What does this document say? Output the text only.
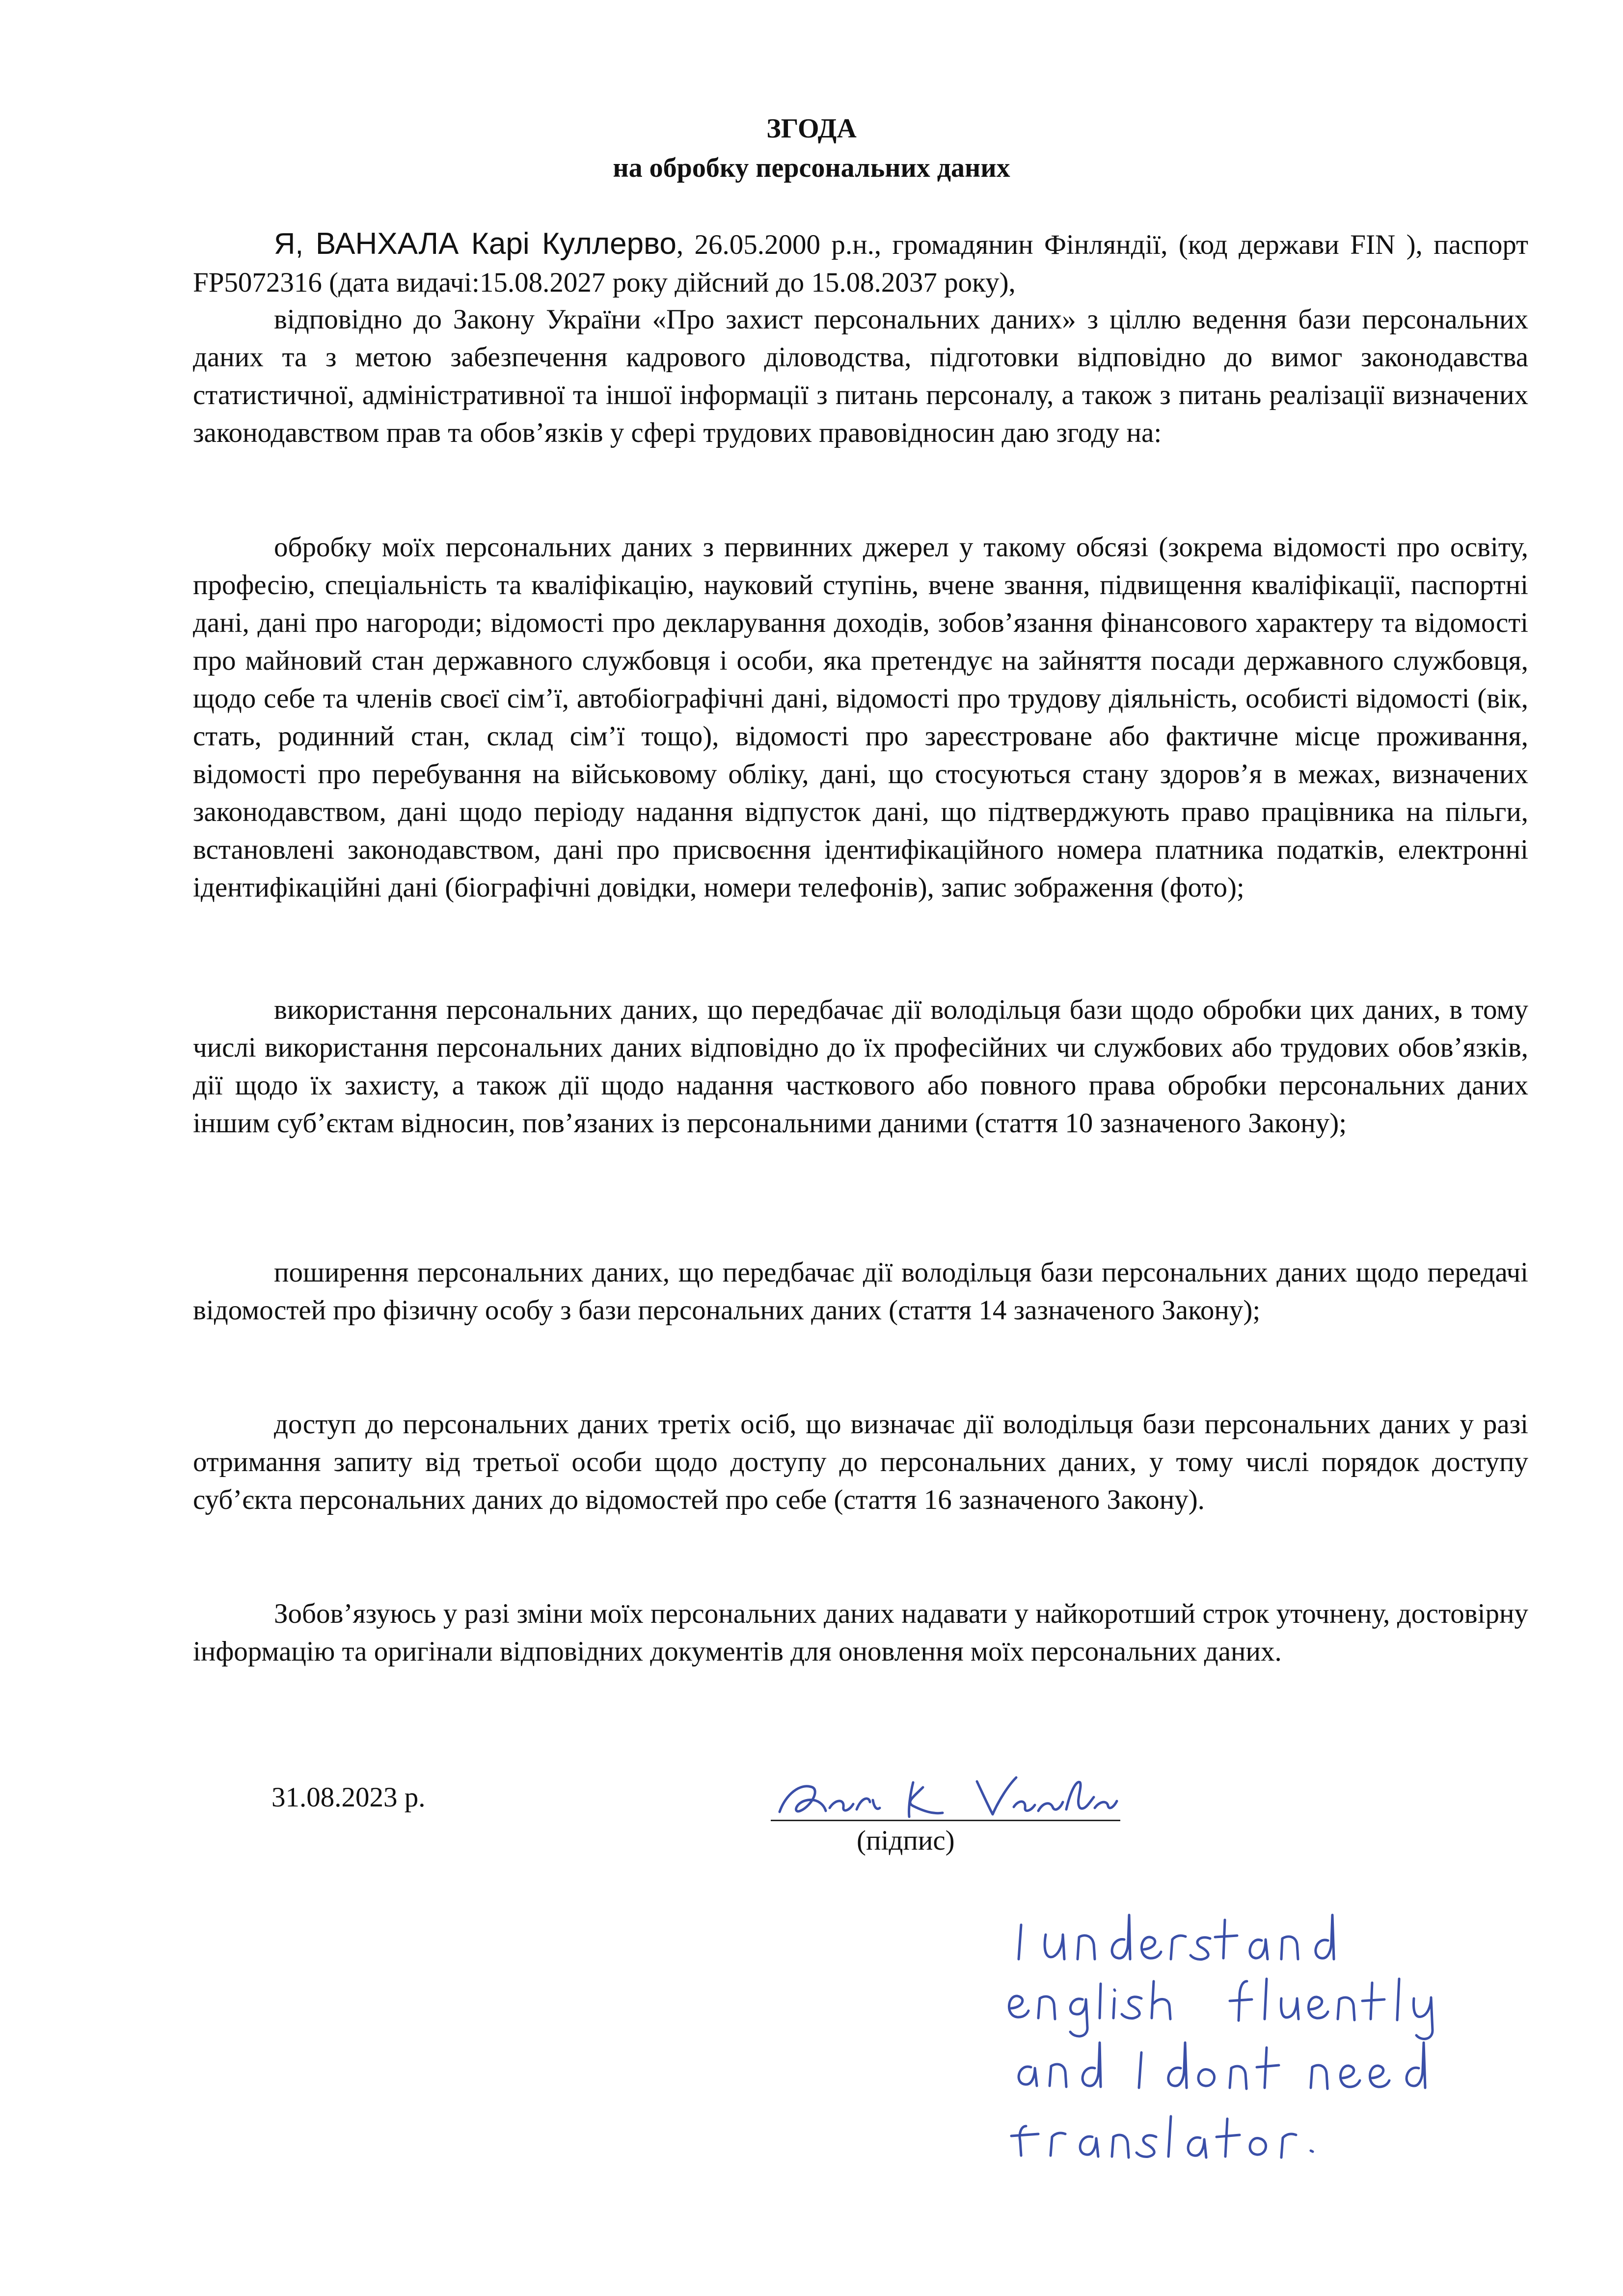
ЗГОДА
на обробку персональних даних

Я, ВАНХАЛА Карі Куллерво, 26.05.2000 р.н., громадянин Фінляндії, (код держави FIN ), паспорт FP5072316 (дата видачі:15.08.2027 року дійсний до 15.08.2037 року),

відповідно до Закону України «Про захист персональних даних» з ціллю ведення бази персональних даних та з метою забезпечення кадрового діловодства, підготовки відповідно до вимог законодавства статистичної, адміністративної та іншої інформації з питань персоналу, а також з питань реалізації визначених законодавством прав та обов’язків у сфері трудових правовідносин даю згоду на:

обробку моїх персональних даних з первинних джерел у такому обсязі (зокрема відомості про освіту, професію, спеціальність та кваліфікацію, науковий ступінь, вчене звання, підвищення кваліфікації, паспортні дані, дані про нагороди; відомості про декларування доходів, зобов’язання фінансового характеру та відомості про майновий стан державного службовця і особи, яка претендує на зайняття посади державного службовця, щодо себе та членів своєї сім’ї, автобіографічні дані, відомості про трудову діяльність, особисті відомості (вік, стать, родинний стан, склад сім’ї тощо), відомості про зареєстроване або фактичне місце проживання, відомості про перебування на військовому обліку, дані, що стосуються стану здоров’я в межах, визначених законодавством, дані щодо періоду надання відпусток дані, що підтверджують право працівника на пільги, встановлені законодавством, дані про присвоєння ідентифікаційного номера платника податків, електронні ідентифікаційні дані (біографічні довідки, номери телефонів), запис зображення (фото);

використання персональних даних, що передбачає дії володільця бази щодо обробки цих даних, в тому числі використання персональних даних відповідно до їх професійних чи службових або трудових обов’язків, дії щодо їх захисту, а також дії щодо надання часткового або повного права обробки персональних даних іншим суб’єктам відносин, пов’язаних із персональними даними (стаття 10 зазначеного Закону);

поширення персональних даних, що передбачає дії володільця бази персональних даних щодо передачі відомостей про фізичну особу з бази персональних даних (стаття 14 зазначеного Закону);

доступ до персональних даних третіх осіб, що визначає дії володільця бази персональних даних у разі отримання запиту від третьої особи щодо доступу до персональних даних, у тому числі порядок доступу суб’єкта персональних даних до відомостей про себе (стаття 16 зазначеного Закону).

Зобов’язуюсь у разі зміни моїх персональних даних надавати у найкоротший строк уточнену, достовірну інформацію та оригінали відповідних документів для оновлення моїх персональних даних.

31.08.2023 р.
(підпис)
